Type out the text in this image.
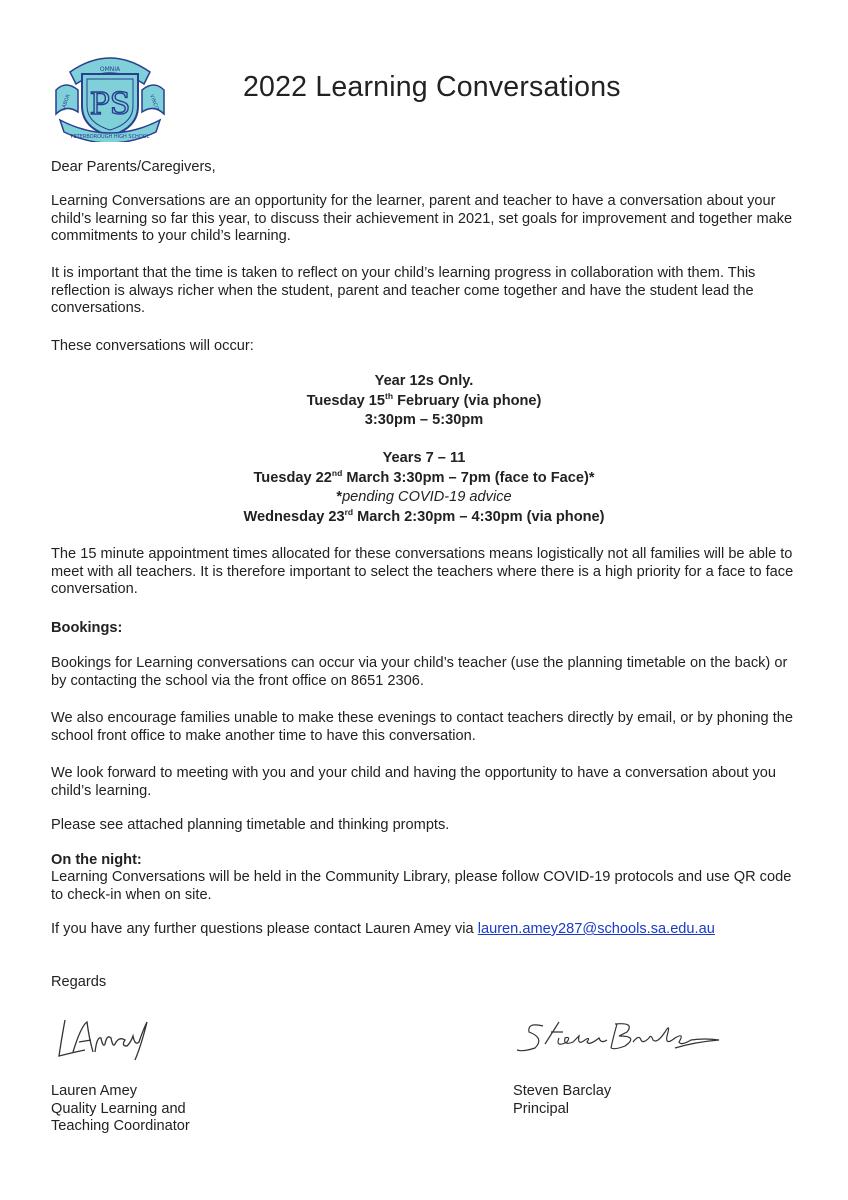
PS
OMNIA
LABOR	VINCIT
PETERBOROUGH HIGH SCHOOL
2022 Learning Conversations

Dear Parents/Caregivers,

Learning Conversations are an opportunity for the learner, parent and teacher to have a conversation about your child’s learning so far this year, to discuss their achievement in 2021, set goals for improvement and together make commitments to your child’s learning.

It is important that the time is taken to reflect on your child’s learning progress in collaboration with them. This reflection is always richer when the student, parent and teacher come together and have the student lead the conversations.

These conversations will occur:

Year 12s Only.
Tuesday 15th February (via phone)
3:30pm – 5:30pm
Years 7 – 11
Tuesday 22nd March 3:30pm – 7pm (face to Face)*
*pending COVID-19 advice
Wednesday 23rd March 2:30pm – 4:30pm (via phone)

The 15 minute appointment times allocated for these conversations means logistically not all families will be able to meet with all teachers. It is therefore important to select the teachers where there is a high priority for a face to face conversation.

Bookings:

Bookings for Learning conversations can occur via your child’s teacher (use the planning timetable on the back) or by contacting the school via the front office on 8651 2306.

We also encourage families unable to make these evenings to contact teachers directly by email, or by phoning the school front office to make another time to have this conversation.

We look forward to meeting with you and your child and having the opportunity to have a conversation about you child’s learning.

Please see attached planning timetable and thinking prompts.

On the night:

Learning Conversations will be held in the Community Library, please follow COVID-19 protocols and use QR code to check-in when on site.

If you have any further questions please contact Lauren Amey via lauren.amey287@schools.sa.edu.au

Regards

Lauren Amey
Quality Learning and
Teaching Coordinator
Steven Barclay
Principal
